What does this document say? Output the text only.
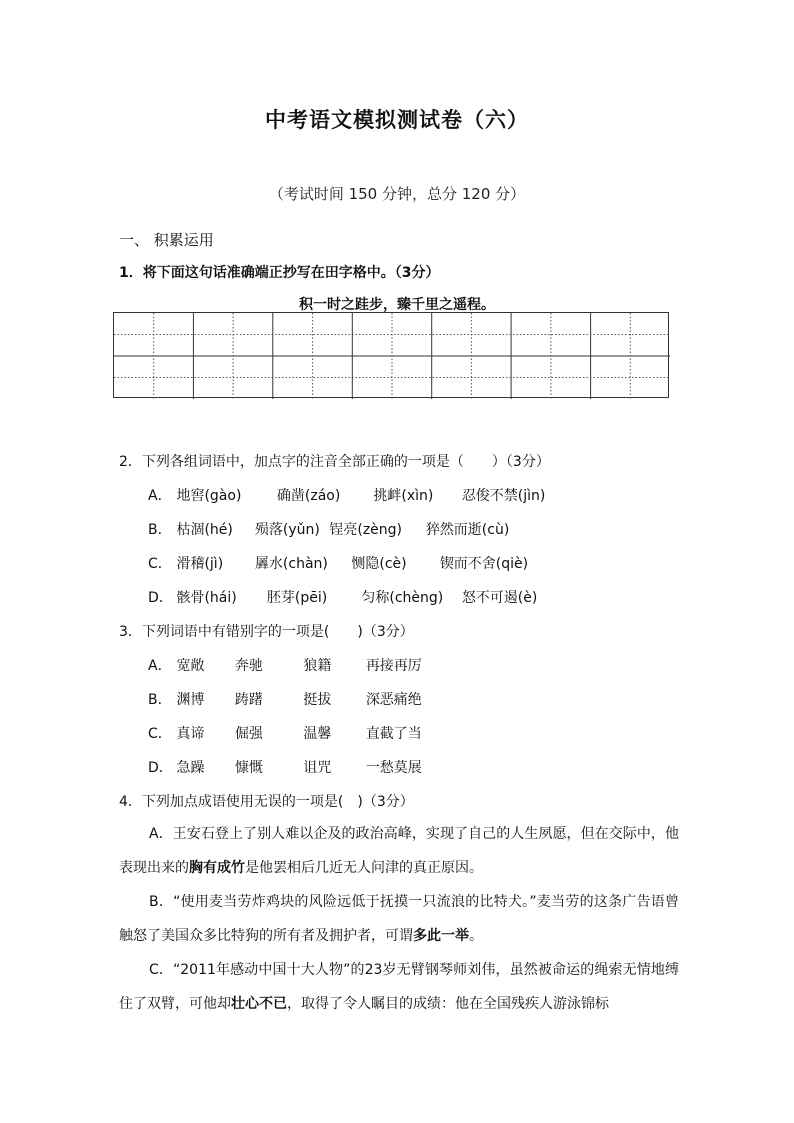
中考语文模拟测试卷（六）
（考试时间 150 分钟，总分 120 分）
一、 积累运用
1．将下面这句话准确端正抄写在田字格中。（3分）
积一时之跬步，臻千里之遥程。
2．下列各组词语中，加点字的注音全部正确的一项是（　　）（3分）
A． 地窖(gào)	确凿(záo) 挑衅(xìn) 忍俊不禁(jìn)
B． 枯涸(hé) 殒落(yǔn) 锃亮(zèng) 猝然而逝(cù)
C． 滑稽(jì) 羼水(chàn) 恻隐(cè) 锲而不舍(qiè)
D． 骸骨(hái) 胚芽(pēi) 匀称(chèng) 怒不可遏(è)
3．下列词语中有错别字的一项是(　　)（3分）
A． 宽敞 奔驰	狼籍 再接再厉
B． 渊博 踌躇	挺拔 深恶痛绝
C． 真谛 倔强	温馨 直截了当
D． 急躁 慷慨	诅咒 一愁莫展
4．下列加点成语使用无误的一项是(　)（3分）
A．王安石登上了别人难以企及的政治高峰，实现了自己的人生夙愿，但在交际中，他表现出来的胸有成竹是他罢相后几近无人问津的真正原因。
B．“使用麦当劳炸鸡块的风险远低于抚摸一只流浪的比特犬。”麦当劳的这条广告语曾触怒了美国众多比特狗的所有者及拥护者，可谓多此一举。
C．“2011年感动中国十大人物”的23岁无臂钢琴师刘伟，虽然被命运的绳索无情地缚住了双臂，可他却壮心不已，取得了令人瞩目的成绩：他在全国残疾人游泳锦标
